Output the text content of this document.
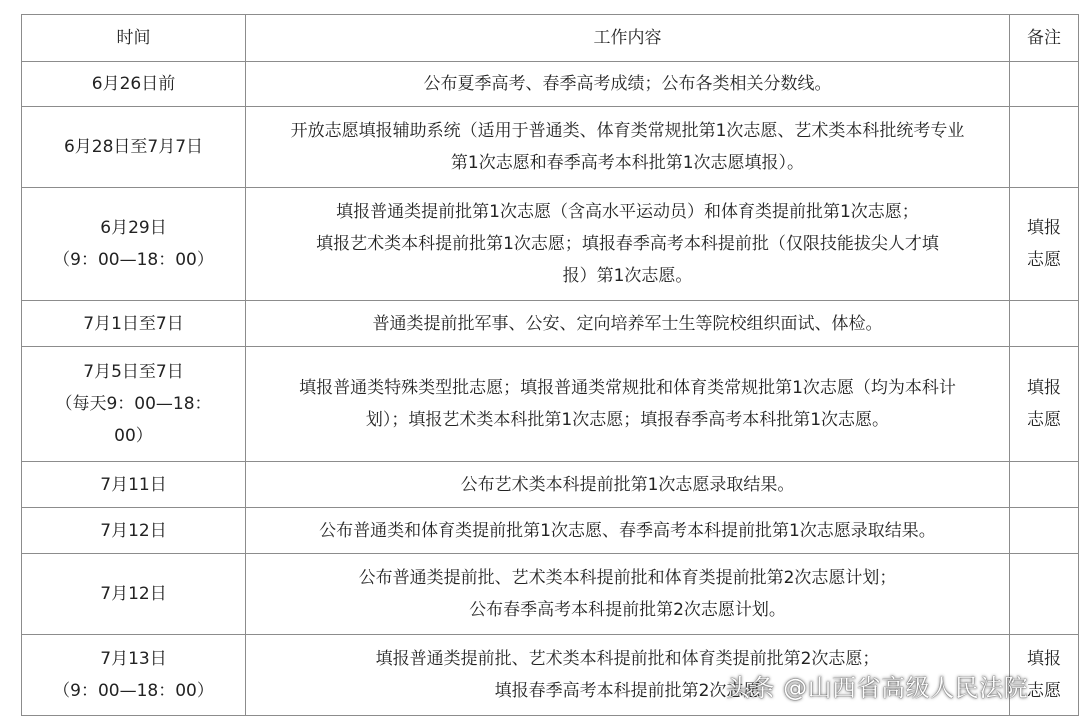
时间	工作内容	备注

6月26日前	公布夏季高考、春季高考成绩；公布各类相关分数线。	

6月28日至7月7日	开放志愿填报辅助系统（适用于普通类、体育类常规批第1次志愿、艺术类本科批统考专业
第1次志愿和春季高考本科批第1次志愿填报）。	

6月29日
（9：00—18：00）	填报普通类提前批第1次志愿（含高水平运动员）和体育类提前批第1次志愿；
填报艺术类本科提前批第1次志愿；填报春季高考本科提前批（仅限技能拔尖人才填
报）第1次志愿。	填报
志愿

7月1日至7日	普通类提前批军事、公安、定向培养军士生等院校组织面试、体检。	

7月5日至7日
（每天9：00—18：
00）	填报普通类特殊类型批志愿；填报普通类常规批和体育类常规批第1次志愿（均为本科计
划）；填报艺术类本科批第1次志愿；填报春季高考本科批第1次志愿。	填报
志愿

7月11日	公布艺术类本科提前批第1次志愿录取结果。	

7月12日	公布普通类和体育类提前批第1次志愿、春季高考本科提前批第1次志愿录取结果。	

7月12日	公布普通类提前批、艺术类本科提前批和体育类提前批第2次志愿计划；
公布春季高考本科提前批第2次志愿计划。	

7月13日
（9：00—18：00）	填报普通类提前批、艺术类本科提前批和体育类提前批第2次志愿；
填报春季高考本科提前批第2次志愿	填报
志愿
头条 @山西省高级人民法院
